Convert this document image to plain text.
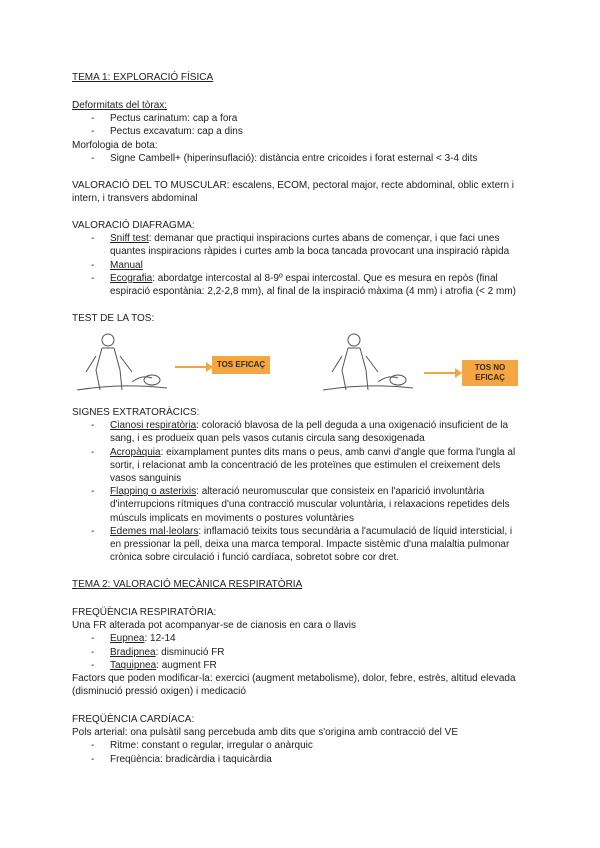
TEMA 1: EXPLORACIÓ FÍSICA
Deformitats del tòrax:
- Pectus carinatum: cap a fora
- Pectus excavatum: cap a dins
Morfologia de bota:
- Signe Cambell+ (hiperinsuflació): distància entre cricoides i forat esternal < 3-4 dits
VALORACIÓ DEL TO MUSCULAR: escalens, ECOM, pectoral major, recte abdominal, oblic extern i
intern, i transvers abdominal
VALORACIÓ DIAFRAGMA:
- Sniff test: demanar que practiqui inspiracions curtes abans de començar, i que faci unes
quantes inspiracions ràpides i curtes amb la boca tancada provocant una inspiració ràpida
- Manual
- Ecografia: abordatge intercostal al 8-9º espai intercostal. Que es mesura en repòs (final
espiració espontània: 2,2-2,8 mm), al final de la inspiració màxima (4 mm) i atrofia (< 2 mm)
TEST DE LA TOS:
TOS EFICAÇ	TOS NO
EFICAÇ
SIGNES EXTRATORÀCICS:
- Cianosi respiratòria: coloració blavosa de la pell deguda a una oxigenació insuficient de la
sang, i es produeix quan pels vasos cutanis circula sang desoxigenada
- Acropàquia: eixamplament puntes dits mans o peus, amb canvi d'angle que forma l'ungla al
sortir, i relacionat amb la concentració de les proteïnes que estimulen el creixement dels
vasos sanguinis
- Flapping o asterixis: alteració neuromuscular que consisteix en l'aparició involuntària
d'interrupcions rítmiques d'una contracció muscular voluntària, i relaxacions repetides dels
músculs implicats en moviments o postures voluntàries
- Edemes mal·leolars: inflamació teixits tous secundària a l'acumulació de líquid intersticial, i
en pressionar la pell, deixa una marca temporal. Impacte sistèmic d'una malaltia pulmonar
crònica sobre circulació i funció cardíaca, sobretot sobre cor dret.
TEMA 2: VALORACIÓ MECÀNICA RESPIRATÒRIA
FREQÜÈNCIA RESPIRATÒRIA:
Una FR alterada pot acompanyar-se de cianosis en cara o llavis
- Eupnea: 12-14
- Bradipnea: disminució FR
- Taquipnea: augment FR
Factors que poden modificar-la: exercici (augment metabolisme), dolor, febre, estrès, altitud elevada
(disminució pressió oxigen) i medicació
FREQÜÈNCIA CARDÍACA:
Pols arterial: ona pulsàtil sang percebuda amb dits que s'origina amb contracció del VE
- Ritme: constant o regular, irregular o anàrquic
- Freqüència: bradicàrdia i taquicàrdia
